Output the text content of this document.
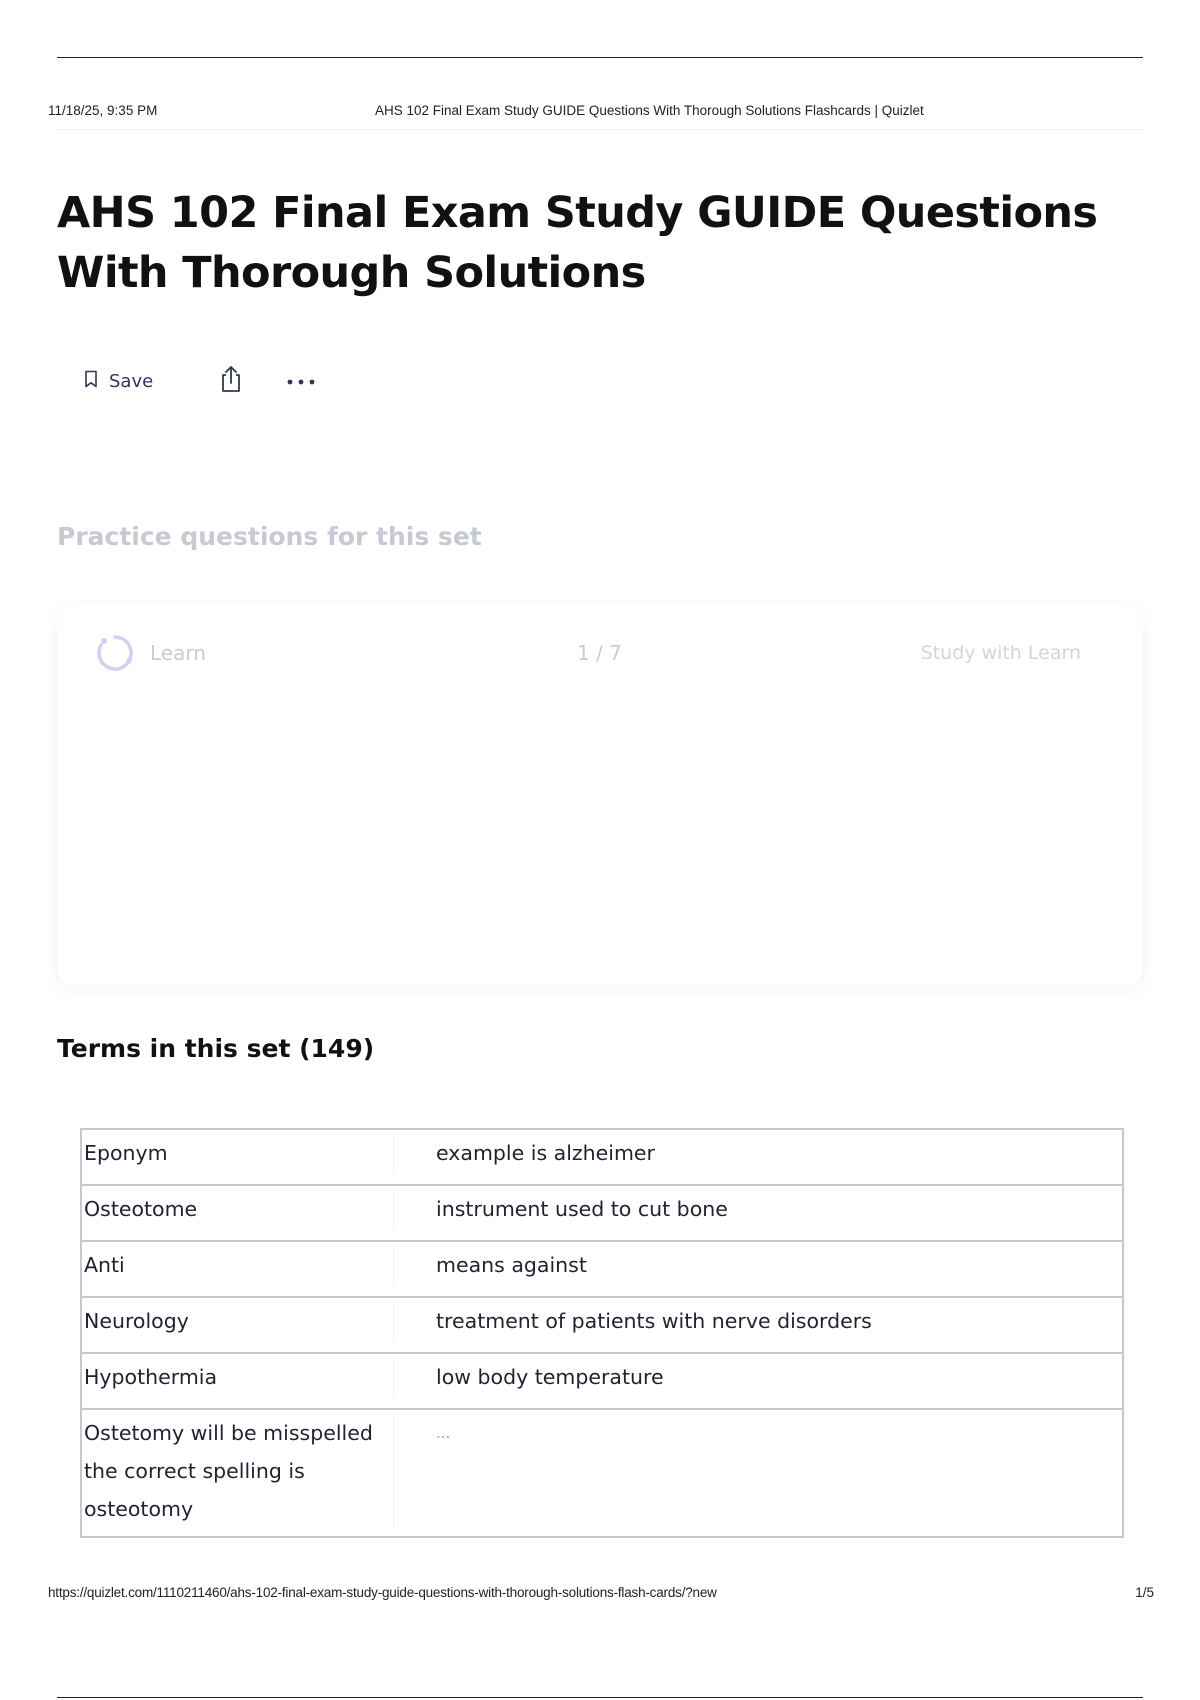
11/18/25, 9:35 PM	AHS 102 Final Exam Study GUIDE Questions With Thorough Solutions Flashcards | Quizlet
AHS 102 Final Exam Study GUIDE Questions With Thorough Solutions
Save
Practice questions for this set
Learn	1 / 7	Study with Learn
Terms in this set (149)
Eponym	example is alzheimer

Osteotome	instrument used to cut bone

Anti	means against

Neurology	treatment of patients with nerve disorders

Hypothermia	low body temperature

Ostetomy will be misspelled the correct spelling is osteotomy	...
https://quizlet.com/1110211460/ahs-102-final-exam-study-guide-questions-with-thorough-solutions-flash-cards/?new	1/5
